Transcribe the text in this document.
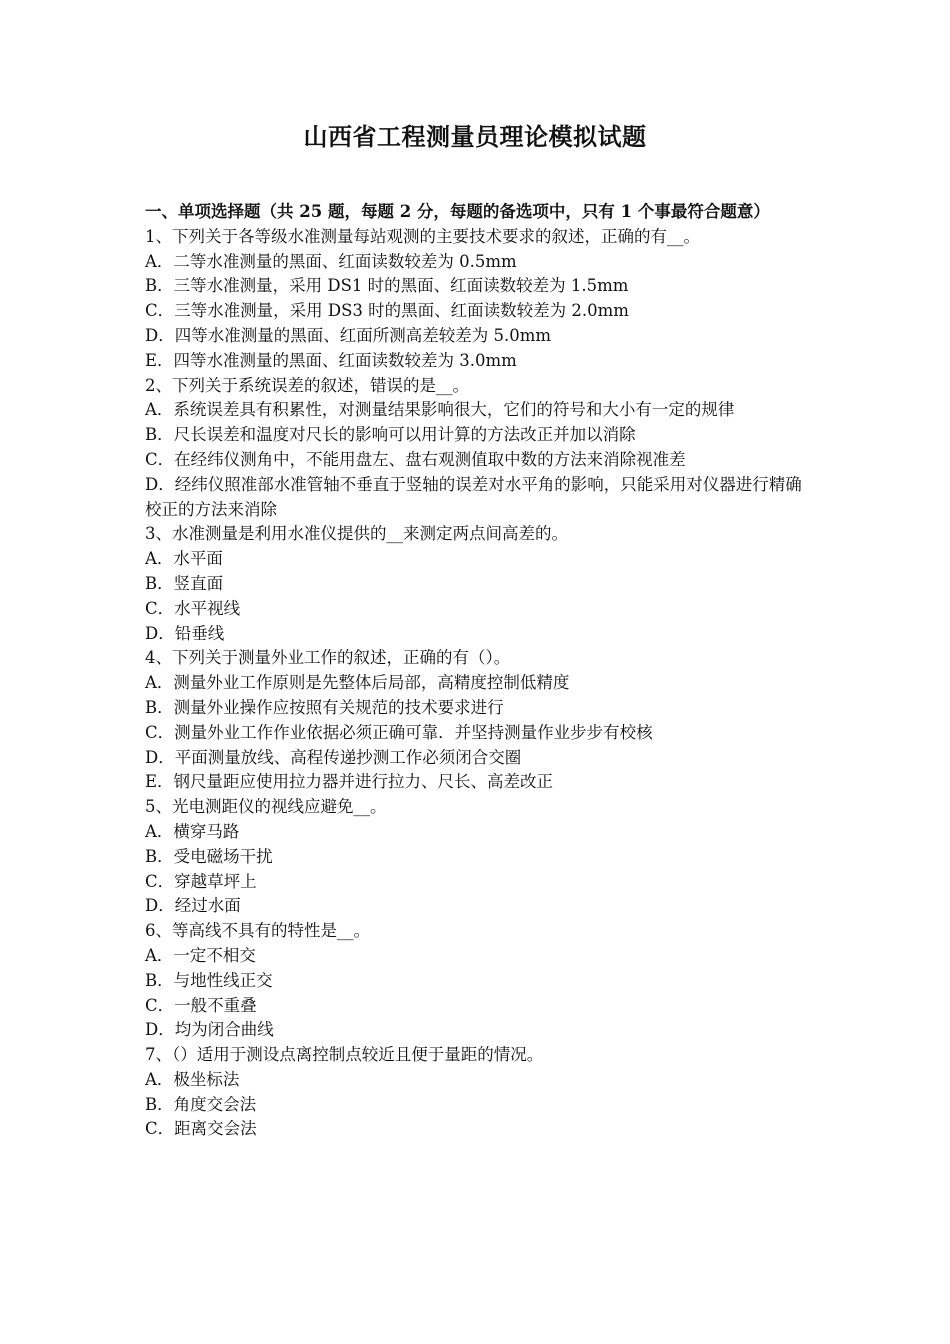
山西省工程测量员理论模拟试题
一、单项选择题（共 25 题，每题 2 分，每题的备选项中，只有 1 个事最符合题意）
1、下列关于各等级水准测量每站观测的主要技术要求的叙述，正确的有__。
A．二等水准测量的黑面、红面读数较差为 0.5mm
B．三等水准测量，采用 DS1 时的黑面、红面读数较差为 1.5mm
C．三等水准测量，采用 DS3 时的黑面、红面读数较差为 2.0mm
D．四等水准测量的黑面、红面所测高差较差为 5.0mm
E．四等水准测量的黑面、红面读数较差为 3.0mm
2、下列关于系统误差的叙述，错误的是__。
A．系统误差具有积累性，对测量结果影响很大，它们的符号和大小有一定的规律
B．尺长误差和温度对尺长的影响可以用计算的方法改正并加以消除
C．在经纬仪测角中，不能用盘左、盘右观测值取中数的方法来消除视准差
D．经纬仪照准部水准管轴不垂直于竖轴的误差对水平角的影响，只能采用对仪器进行精确校正的方法来消除
3、水准测量是利用水准仪提供的__来测定两点间高差的。
A．水平面
B．竖直面
C．水平视线
D．铅垂线
4、下列关于测量外业工作的叙述，正确的有（）。
A．测量外业工作原则是先整体后局部，高精度控制低精度
B．测量外业操作应按照有关规范的技术要求进行
C．测量外业工作作业依据必须正确可靠．并坚持测量作业步步有校核
D．平面测量放线、高程传递抄测工作必须闭合交圈
E．钢尺量距应使用拉力器并进行拉力、尺长、高差改正
5、光电测距仪的视线应避免__。
A．横穿马路
B．受电磁场干扰
C．穿越草坪上
D．经过水面
6、等高线不具有的特性是__。
A．一定不相交
B．与地性线正交
C．一般不重叠
D．均为闭合曲线
7、（）适用于测设点离控制点较近且便于量距的情况。
A．极坐标法
B．角度交会法
C．距离交会法
